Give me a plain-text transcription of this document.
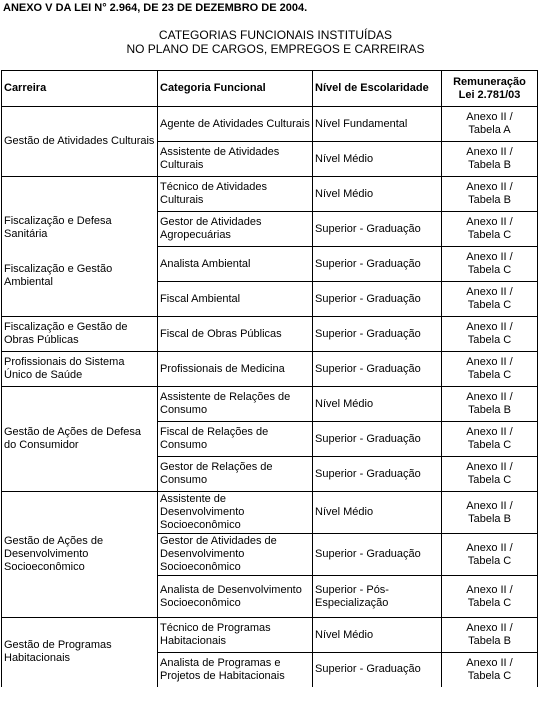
ANEXO V DA LEI N° 2.964, DE 23 DE DEZEMBRO DE 2004.
CATEGORIAS FUNCIONAIS INSTITUÍDAS
NO PLANO DE CARGOS, EMPREGOS E CARREIRAS
Carreira	Categoria Funcional	Nível de Escolaridade	Remuneração
Lei 2.781/03

Gestão de Atividades Culturais	Agente de Atividades Culturais	Nível Fundamental	Anexo II /
Tabela A

	Assistente de Atividades Culturais	Nível Médio	Anexo II /
Tabela B

Fiscalização e Defesa Sanitária
Fiscalização e Gestão Ambiental	Técnico de Atividades Culturais	Nível Médio	Anexo II /
Tabela B

	Gestor de Atividades Agropecuárias	Superior - Graduação	Anexo II /
Tabela C

	Analista Ambiental	Superior - Graduação	Anexo II /
Tabela C

	Fiscal Ambiental	Superior - Graduação	Anexo II /
Tabela C

Fiscalização e Gestão de Obras Públicas	Fiscal de Obras Públicas	Superior - Graduação	Anexo II /
Tabela C

Profissionais do Sistema Único de Saúde	Profissionais de Medicina	Superior - Graduação	Anexo II /
Tabela C

Gestão de Ações de Defesa do Consumidor	Assistente de Relações de Consumo	Nível Médio	Anexo II /
Tabela B

	Fiscal de Relações de Consumo	Superior - Graduação	Anexo II /
Tabela C

	Gestor de Relações de Consumo	Superior - Graduação	Anexo II /
Tabela C

Gestão de Ações de Desenvolvimento Socioeconômico	Assistente de Desenvolvimento Socioeconômico	Nível Médio	Anexo II /
Tabela B

	Gestor de Atividades de Desenvolvimento Socioeconômico	Superior - Graduação	Anexo II /
Tabela C

	Analista de Desenvolvimento Socioeconômico	Superior - Pós-Especialização	Anexo II /
Tabela C

Gestão de Programas Habitacionais	Técnico de Programas Habitacionais	Nível Médio	Anexo II /
Tabela B

	Analista de Programas e Projetos de Habitacionais	Superior - Graduação	Anexo II /
Tabela C
